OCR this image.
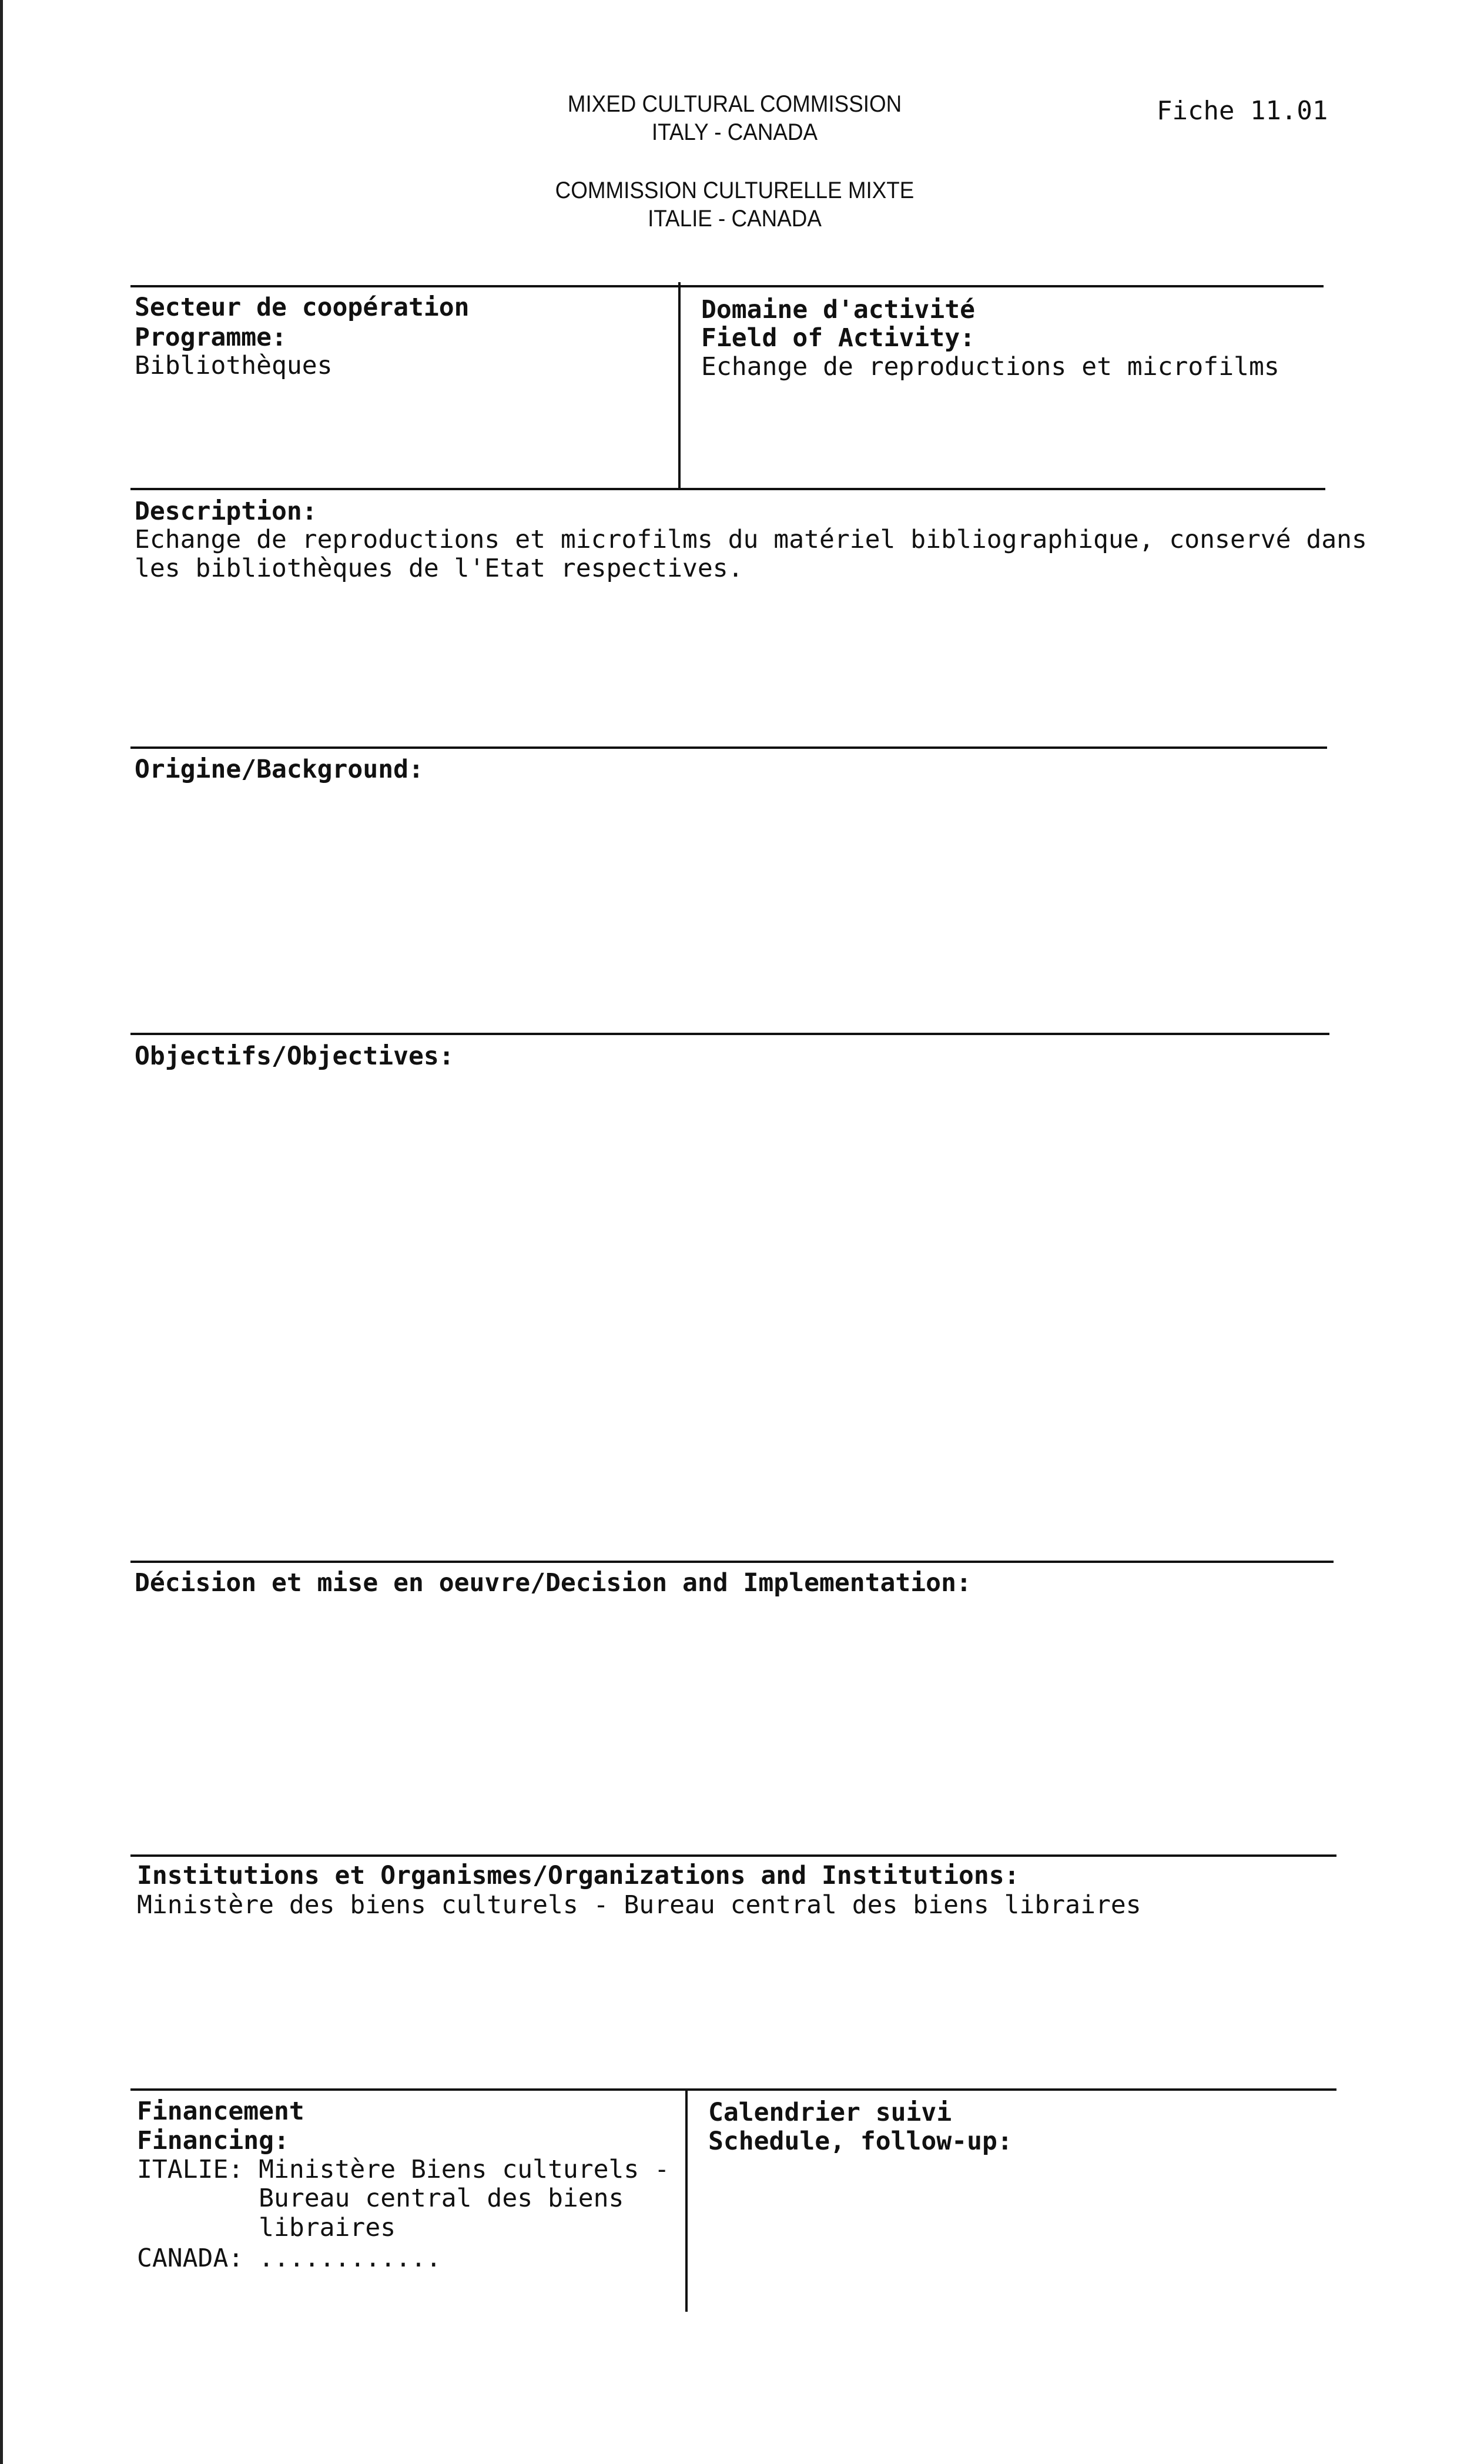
MIXED CULTURAL COMMISSION
ITALY - CANADA
COMMISSION CULTURELLE MIXTE
ITALIE - CANADA
Fiche 11.01
Secteur de coopération
Programme:
Bibliothèques
Domaine d'activité
Field of Activity:
Echange de reproductions et microfilms
Description:
Echange de reproductions et microfilms du matériel bibliographique, conservé dans
les bibliothèques de l'Etat respectives.
Origine/Background:
Objectifs/Objectives:
Décision et mise en oeuvre/Decision and Implementation:
Institutions et Organismes/Organizations and Institutions:
Ministère des biens culturels - Bureau central des biens libraires
Financement
Financing:
ITALIE: Ministère Biens culturels -
Bureau central des biens
libraires
CANADA: ............
Calendrier suivi
Schedule, follow-up:
